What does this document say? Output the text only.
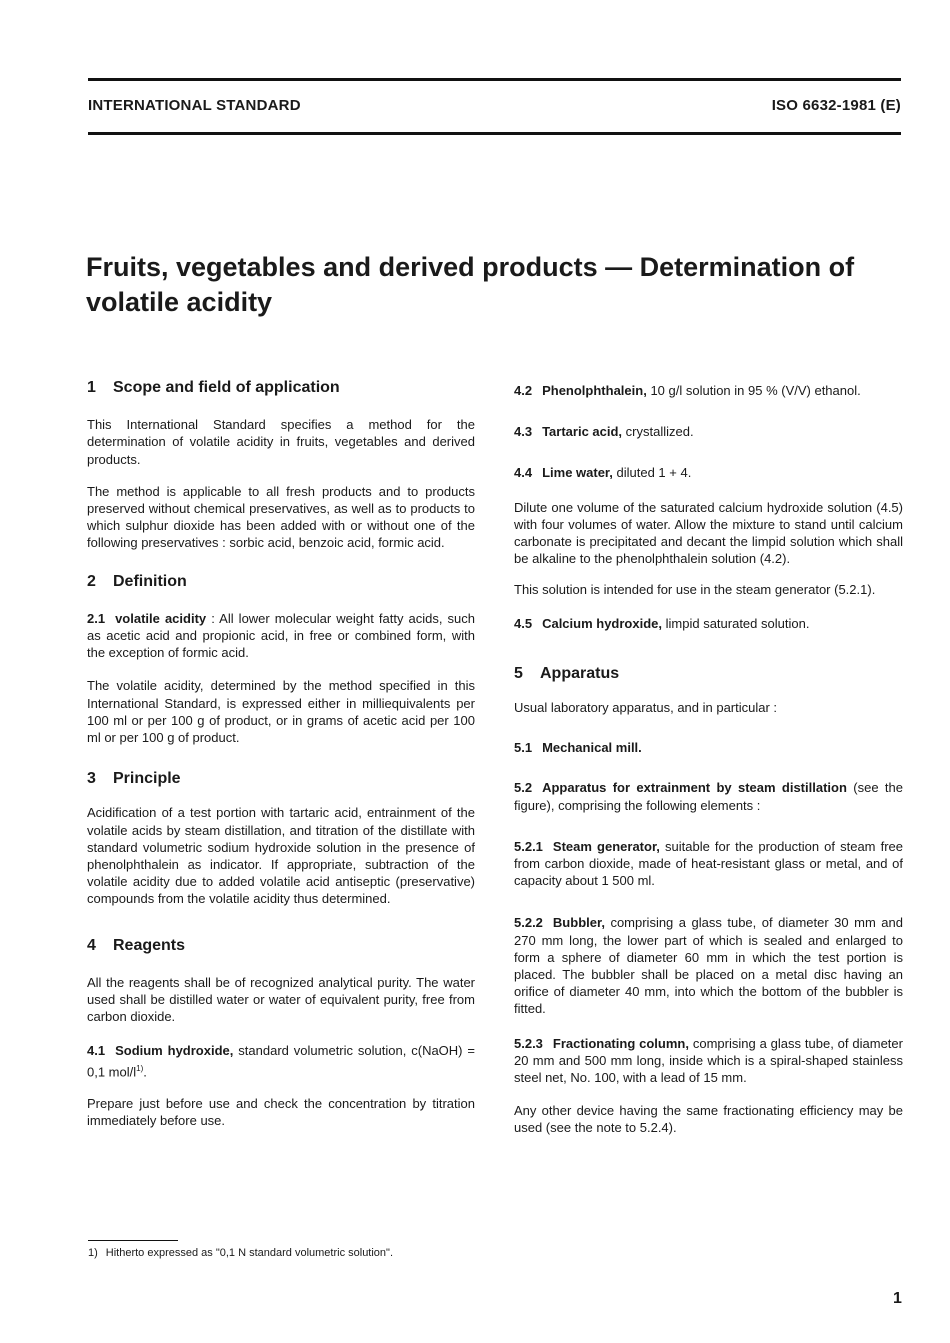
INTERNATIONAL STANDARD	ISO 6632-1981 (E)
Fruits, vegetables and derived products — Determination of volatile acidity
1 Scope and field of application

This International Standard specifies a method for the determination of volatile acidity in fruits, vegetables and derived products.

The method is applicable to all fresh products and to products preserved without chemical preservatives, as well as to products to which sulphur dioxide has been added with or without one of the following preservatives : sorbic acid, benzoic acid, formic acid.

2 Definition

2.1 volatile acidity : All lower molecular weight fatty acids, such as acetic acid and propionic acid, in free or combined form, with the exception of formic acid.

The volatile acidity, determined by the method specified in this International Standard, is expressed either in milliequivalents per 100 ml or per 100 g of product, or in grams of acetic acid per 100 ml or per 100 g of product.

3 Principle

Acidification of a test portion with tartaric acid, entrainment of the volatile acids by steam distillation, and titration of the distillate with standard volumetric sodium hydroxide solution in the presence of phenolphthalein as indicator. If appropriate, subtraction of the volatile acidity due to added volatile acid antiseptic (preservative) compounds from the volatile acidity thus determined.

4 Reagents

All the reagents shall be of recognized analytical purity. The water used shall be distilled water or water of equivalent purity, free from carbon dioxide.

4.1 Sodium hydroxide, standard volumetric solution, c(NaOH) = 0,1 mol/$l^{1)}$.

Prepare just before use and check the concentration by titration immediately before use.

4.2 Phenolphthalein, 10 g/l solution in 95 % (V/V) ethanol.

4.3 Tartaric acid, crystallized.

4.4 Lime water, diluted 1 + 4.

Dilute one volume of the saturated calcium hydroxide solution (4.5) with four volumes of water. Allow the mixture to stand until calcium carbonate is precipitated and decant the limpid solution which shall be alkaline to the phenolphthalein solution (4.2).

This solution is intended for use in the steam generator (5.2.1).

4.5 Calcium hydroxide, limpid saturated solution.

5 Apparatus

Usual laboratory apparatus, and in particular :

5.1 Mechanical mill.

5.2 Apparatus for extrainment by steam distillation (see the figure), comprising the following elements :

5.2.1 Steam generator, suitable for the production of steam free from carbon dioxide, made of heat-resistant glass or metal, and of capacity about 1 500 ml.

5.2.2 Bubbler, comprising a glass tube, of diameter 30 mm and 270 mm long, the lower part of which is sealed and enlarged to form a sphere of diameter 60 mm in which the test portion is placed. The bubbler shall be placed on a metal disc having an orifice of diameter 40 mm, into which the bottom of the bubbler is fitted.

5.2.3 Fractionating column, comprising a glass tube, of diameter 20 mm and 500 mm long, inside which is a spiral-shaped stainless steel net, No. 100, with a lead of 15 mm.

Any other device having the same fractionating efficiency may be used (see the note to 5.2.4).

1) Hitherto expressed as "0,1 N standard volumetric solution".
1
